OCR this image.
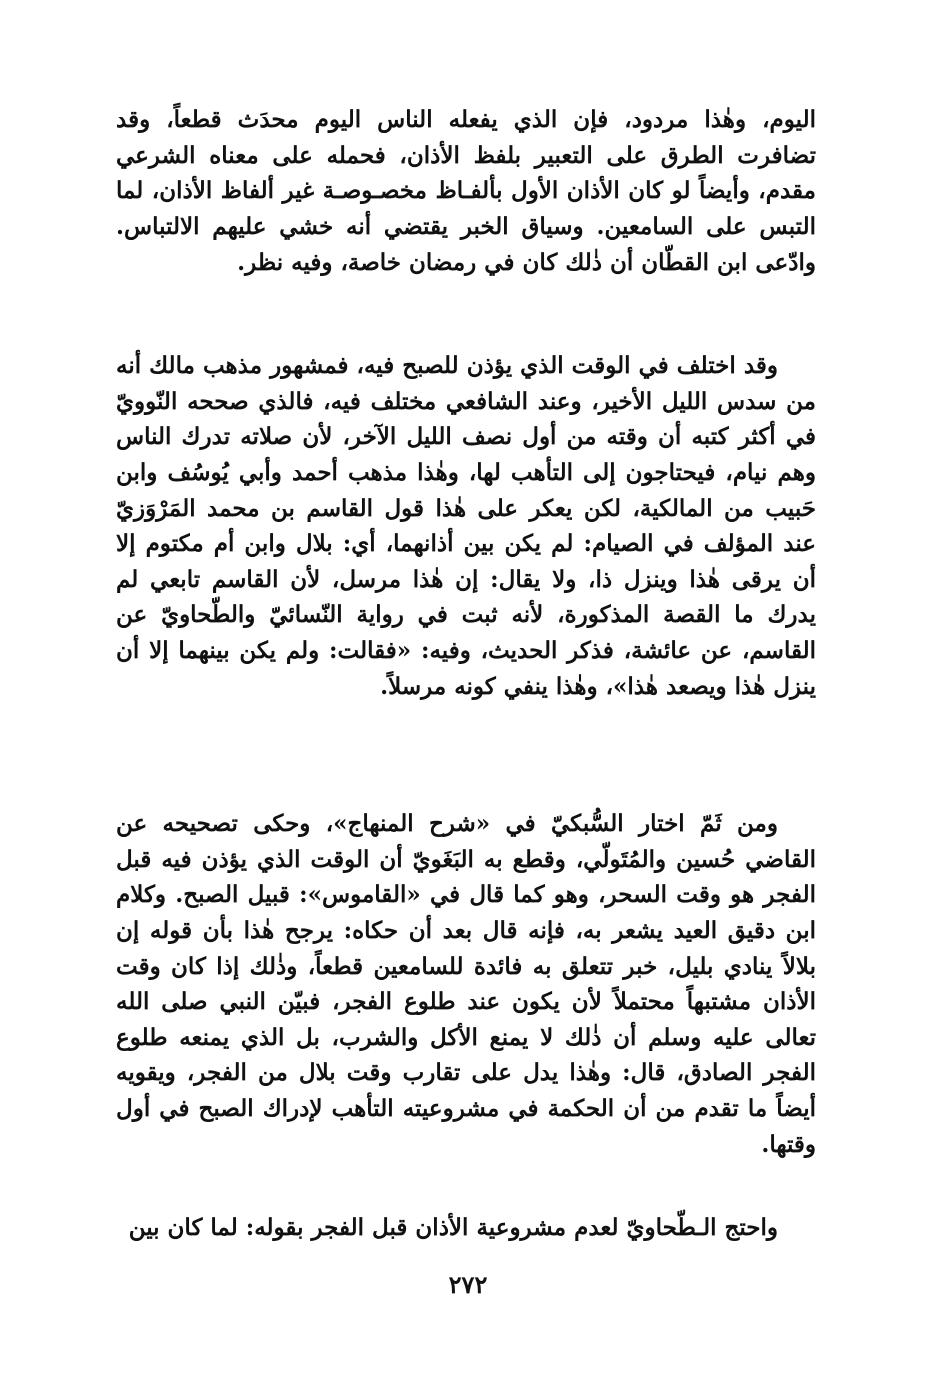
اليوم، وهٰذا مردود، فإن الذي يفعله الناس اليوم محدَث قطعاً، وقد تضافرت الطرق على التعبير بلفظ الأذان، فحمله على معناه الشرعي مقدم، وأيضاً لو كان الأذان الأول بألفـاظ مخصـوصـة غير ألفاظ الأذان، لما التبس على السامعين. وسياق الخبر يقتضي أنه خشي عليهم الالتباس. وادّعى ابن القطّان أن ذٰلك كان في رمضان خاصة، وفيه نظر.
وقد اختلف في الوقت الذي يؤذن للصبح فيه، فمشهور مذهب مالك أنه من سدس الليل الأخير، وعند الشافعي مختلف فيه، فالذي صححه النّوويّ في أكثر كتبه أن وقته من أول نصف الليل الآخر، لأن صلاته تدرك الناس وهم نيام، فيحتاجون إلى التأهب لها، وهٰذا مذهب أحمد وأبي يُوسُف وابن حَبيب من المالكية، لكن يعكر على هٰذا قول القاسم بن محمد المَرْوَزيّ عند المؤلف في الصيام: لم يكن بين أذانهما، أي: بلال وابن أم مكتوم إلا أن يرقى هٰذا وينزل ذا، ولا يقال: إن هٰذا مرسل، لأن القاسم تابعي لم يدرك ما القصة المذكورة، لأنه ثبت في رواية النّسائيّ والطّحاويّ عن القاسم، عن عائشة، فذكر الحديث، وفيه: «فقالت: ولم يكن بينهما إلا أن ينزل هٰذا ويصعد هٰذا»، وهٰذا ينفي كونه مرسلاً.
ومن ثَمّ اختار السُّبكيّ في «شرح المنهاج»، وحكى تصحيحه عن القاضي حُسين والمُتَولّي، وقطع به البَغَويّ أن الوقت الذي يؤذن فيه قبل الفجر هو وقت السحر، وهو كما قال في «القاموس»: قبيل الصبح. وكلام ابن دقيق العيد يشعر به، فإنه قال بعد أن حكاه: يرجح هٰذا بأن قوله إن بلالاً ينادي بليل، خبر تتعلق به فائدة للسامعين قطعاً، وذٰلك إذا كان وقت الأذان مشتبهاً محتملاً لأن يكون عند طلوع الفجر، فبيّن النبي صلى الله تعالى عليه وسلم أن ذٰلك لا يمنع الأكل والشرب، بل الذي يمنعه طلوع الفجر الصادق، قال: وهٰذا يدل على تقارب وقت بلال من الفجر، ويقويه أيضاً ما تقدم من أن الحكمة في مشروعيته التأهب لإدراك الصبح في أول وقتها.
واحتج الـطّحاويّ لعدم مشروعية الأذان قبل الفجر بقوله: لما كان بين
٢٧٢
